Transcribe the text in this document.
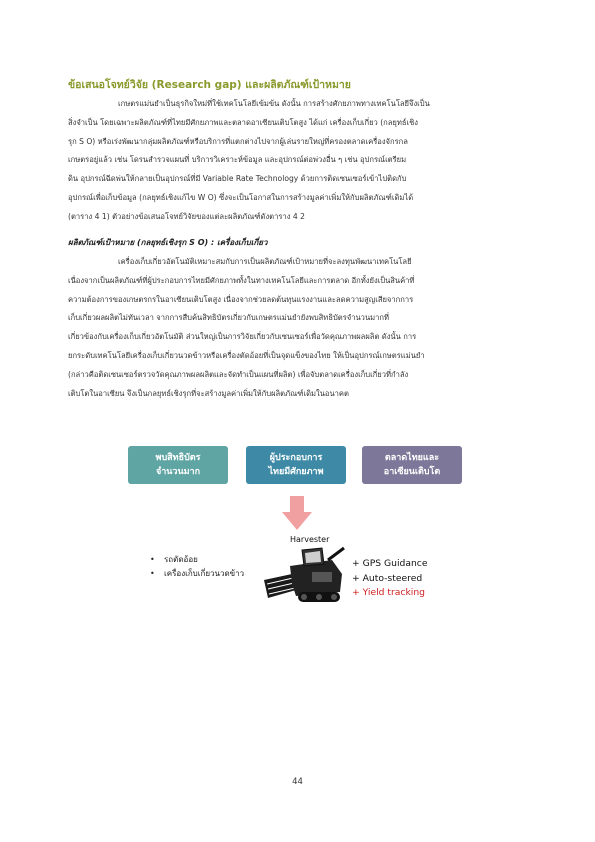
ข้อเสนอโจทย์วิจัย (Research gap) และผลิตภัณฑ์เป้าหมาย
เกษตรแม่นยำเป็นธุรกิจใหม่ที่ใช้เทคโนโลยีเข้มข้น ดังนั้น การสร้างศักยภาพทางเทคโนโลยีจึงเป็น
สิ่งจำเป็น โดยเฉพาะผลิตภัณฑ์ที่ไทยมีศักยภาพและตลาดอาเซียนเติบโตสูง ได้แก่ เครื่องเก็บเกี่ยว (กลยุทธ์เชิง
รุก S O) หรือเร่งพัฒนากลุ่มผลิตภัณฑ์หรือบริการที่แตกต่างไปจากผู้เล่นรายใหญ่ที่ครองตลาดเครื่องจักรกล
เกษตรอยู่แล้ว เช่น โดรนสำรวจแผนที่ บริการวิเคราะห์ข้อมูล และอุปกรณ์ต่อพ่วงอื่น ๆ เช่น อุปกรณ์เตรียม
ดิน อุปกรณ์ฉีดพ่นให้กลายเป็นอุปกรณ์ที่มี Variable Rate Technology ด้วยการติดเซนเซอร์เข้าไปติดกับ
อุปกรณ์เพื่อเก็บข้อมูล (กลยุทธ์เชิงแก้ไข W O) ซึ่งจะเป็นโอกาสในการสร้างมูลค่าเพิ่มให้กับผลิตภัณฑ์เดิมได้
(ตาราง 4 1) ตัวอย่างข้อเสนอโจทย์วิจัยของแต่ละผลิตภัณฑ์ดังตาราง 4 2
ผลิตภัณฑ์เป้าหมาย (กลยุทธ์เชิงรุก S O) : เครื่องเก็บเกี่ยว
เครื่องเก็บเกี่ยวอัตโนมัติเหมาะสมกับการเป็นผลิตภัณฑ์เป้าหมายที่จะลงทุนพัฒนาเทคโนโลยี
เนื่องจากเป็นผลิตภัณฑ์ที่ผู้ประกอบการไทยมีศักยภาพทั้งในทางเทคโนโลยีและการตลาด อีกทั้งยังเป็นสินค้าที่
ความต้องการของเกษตรกรในอาเซียนเติบโตสูง เนื่องจากช่วยลดต้นทุนแรงงานและลดความสูญเสียจากการ
เก็บเกี่ยวผลผลิตไม่ทันเวลา จากการสืบค้นสิทธิบัตรเกี่ยวกับเกษตรแม่นยำยังพบสิทธิบัตรจำนวนมากที่
เกี่ยวข้องกับเครื่องเก็บเกี่ยวอัตโนมัติ ส่วนใหญ่เป็นการวิจัยเกี่ยวกับเซนเซอร์เพื่อวัดคุณภาพผลผลิต ดังนั้น การ
ยกระดับเทคโนโลยีเครื่องเก็บเกี่ยวนวดข้าวหรือเครื่องตัดอ้อยที่เป็นจุดแข็งของไทย ให้เป็นอุปกรณ์เกษตรแม่นยำ
(กล่าวคือติดเซนเซอร์ตรวจวัดคุณภาพผลผลิตและจัดทำเป็นแผนที่ผลิต) เพื่อจับตลาดเครื่องเก็บเกี่ยวที่กำลัง
เติบโตในอาเซียน จึงเป็นกลยุทธ์เชิงรุกที่จะสร้างมูลค่าเพิ่มให้กับผลิตภัณฑ์เดิมในอนาคต
พบสิทธิบัตร
จำนวนมาก
ผู้ประกอบการ
ไทยมีศักยภาพ
ตลาดไทยและ
อาเซียนเติบโต
Harvester
• รถตัดอ้อย
• เครื่องเก็บเกี่ยวนวดข้าว
+ GPS Guidance
+ Auto-steered
+ Yield tracking
44
